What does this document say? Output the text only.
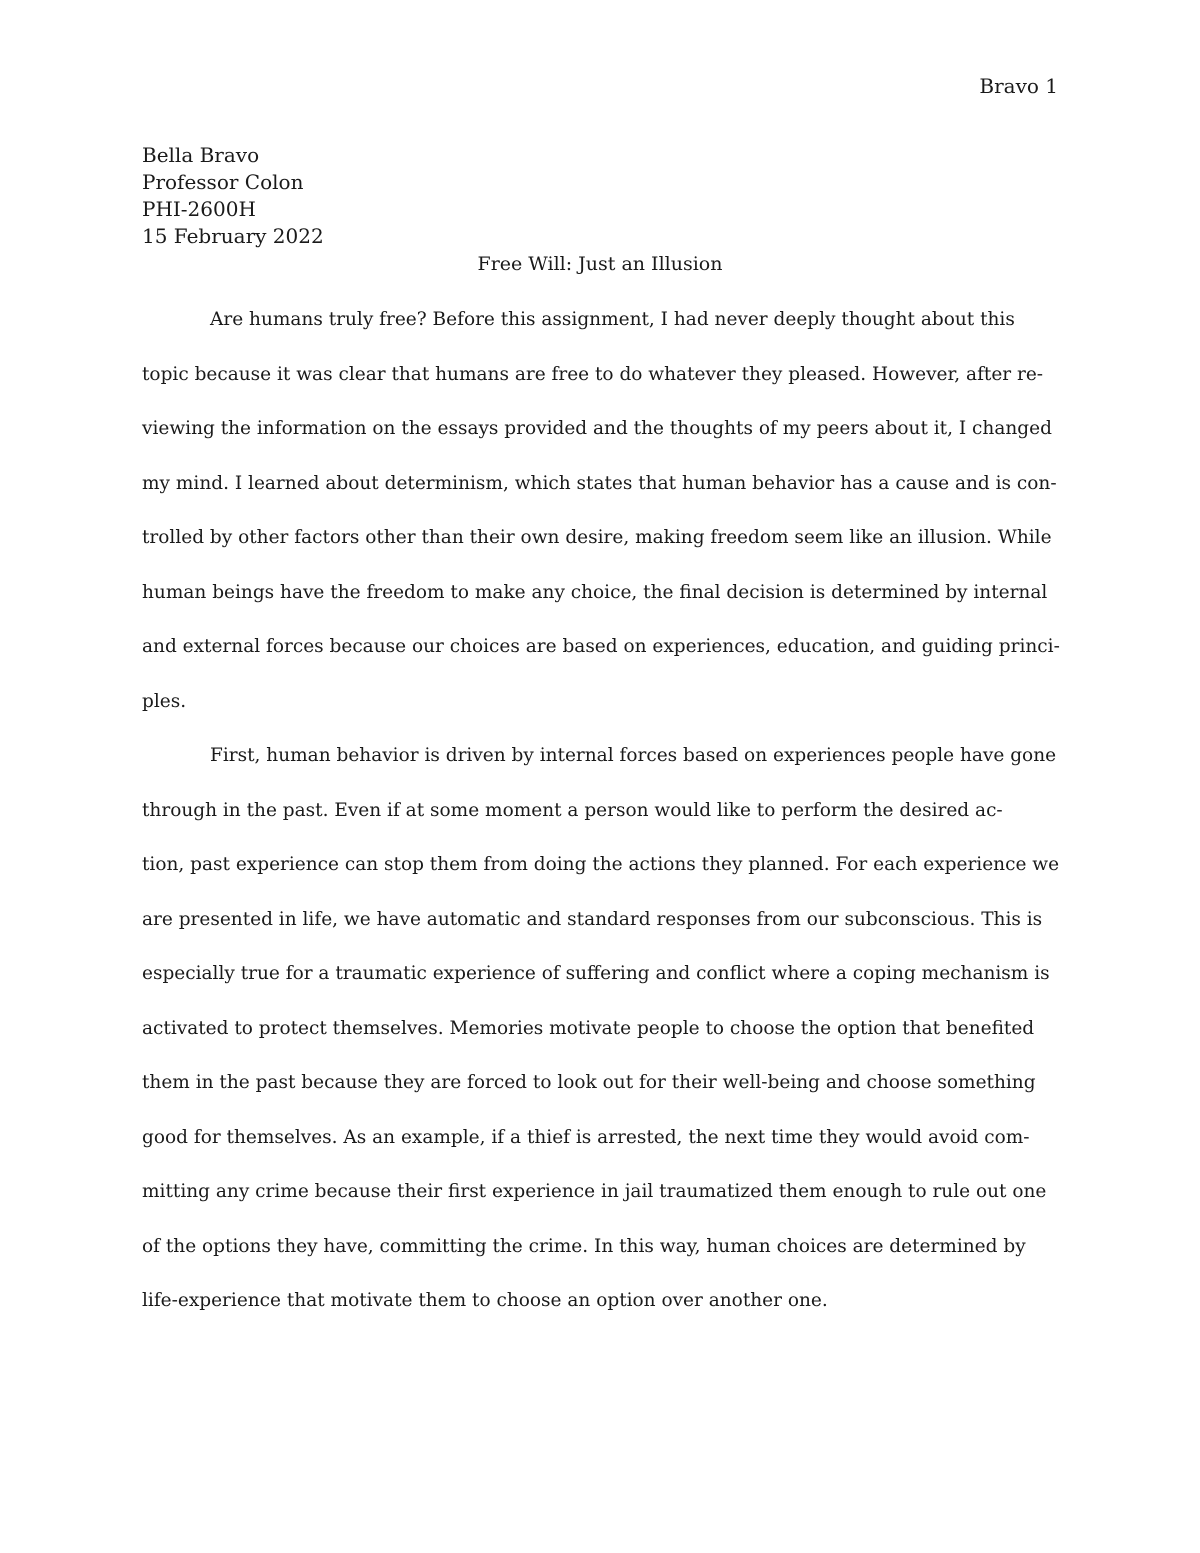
Bravo 1
Bella Bravo
Professor Colon
PHI-2600H
15 February 2022
Free Will: Just an Illusion
Are humans truly free? Before this assignment, I had never deeply thought about this
topic because it was clear that humans are free to do whatever they pleased. However, after re-
viewing the information on the essays provided and the thoughts of my peers about it, I changed
my mind. I learned about determinism, which states that human behavior has a cause and is con-
trolled by other factors other than their own desire, making freedom seem like an illusion. While
human beings have the freedom to make any choice, the final decision is determined by internal
and external forces because our choices are based on experiences, education, and guiding princi-
ples.
First, human behavior is driven by internal forces based on experiences people have gone
through in the past. Even if at some moment a person would like to perform the desired ac-
tion, past experience can stop them from doing the actions they planned. For each experience we
are presented in life, we have automatic and standard responses from our subconscious. This is
especially true for a traumatic experience of suffering and conflict where a coping mechanism is
activated to protect themselves. Memories motivate people to choose the option that benefited
them in the past because they are forced to look out for their well-being and choose something
good for themselves. As an example, if a thief is arrested, the next time they would avoid com-
mitting any crime because their first experience in jail traumatized them enough to rule out one
of the options they have, committing the crime. In this way, human choices are determined by
life-experience that motivate them to choose an option over another one.
